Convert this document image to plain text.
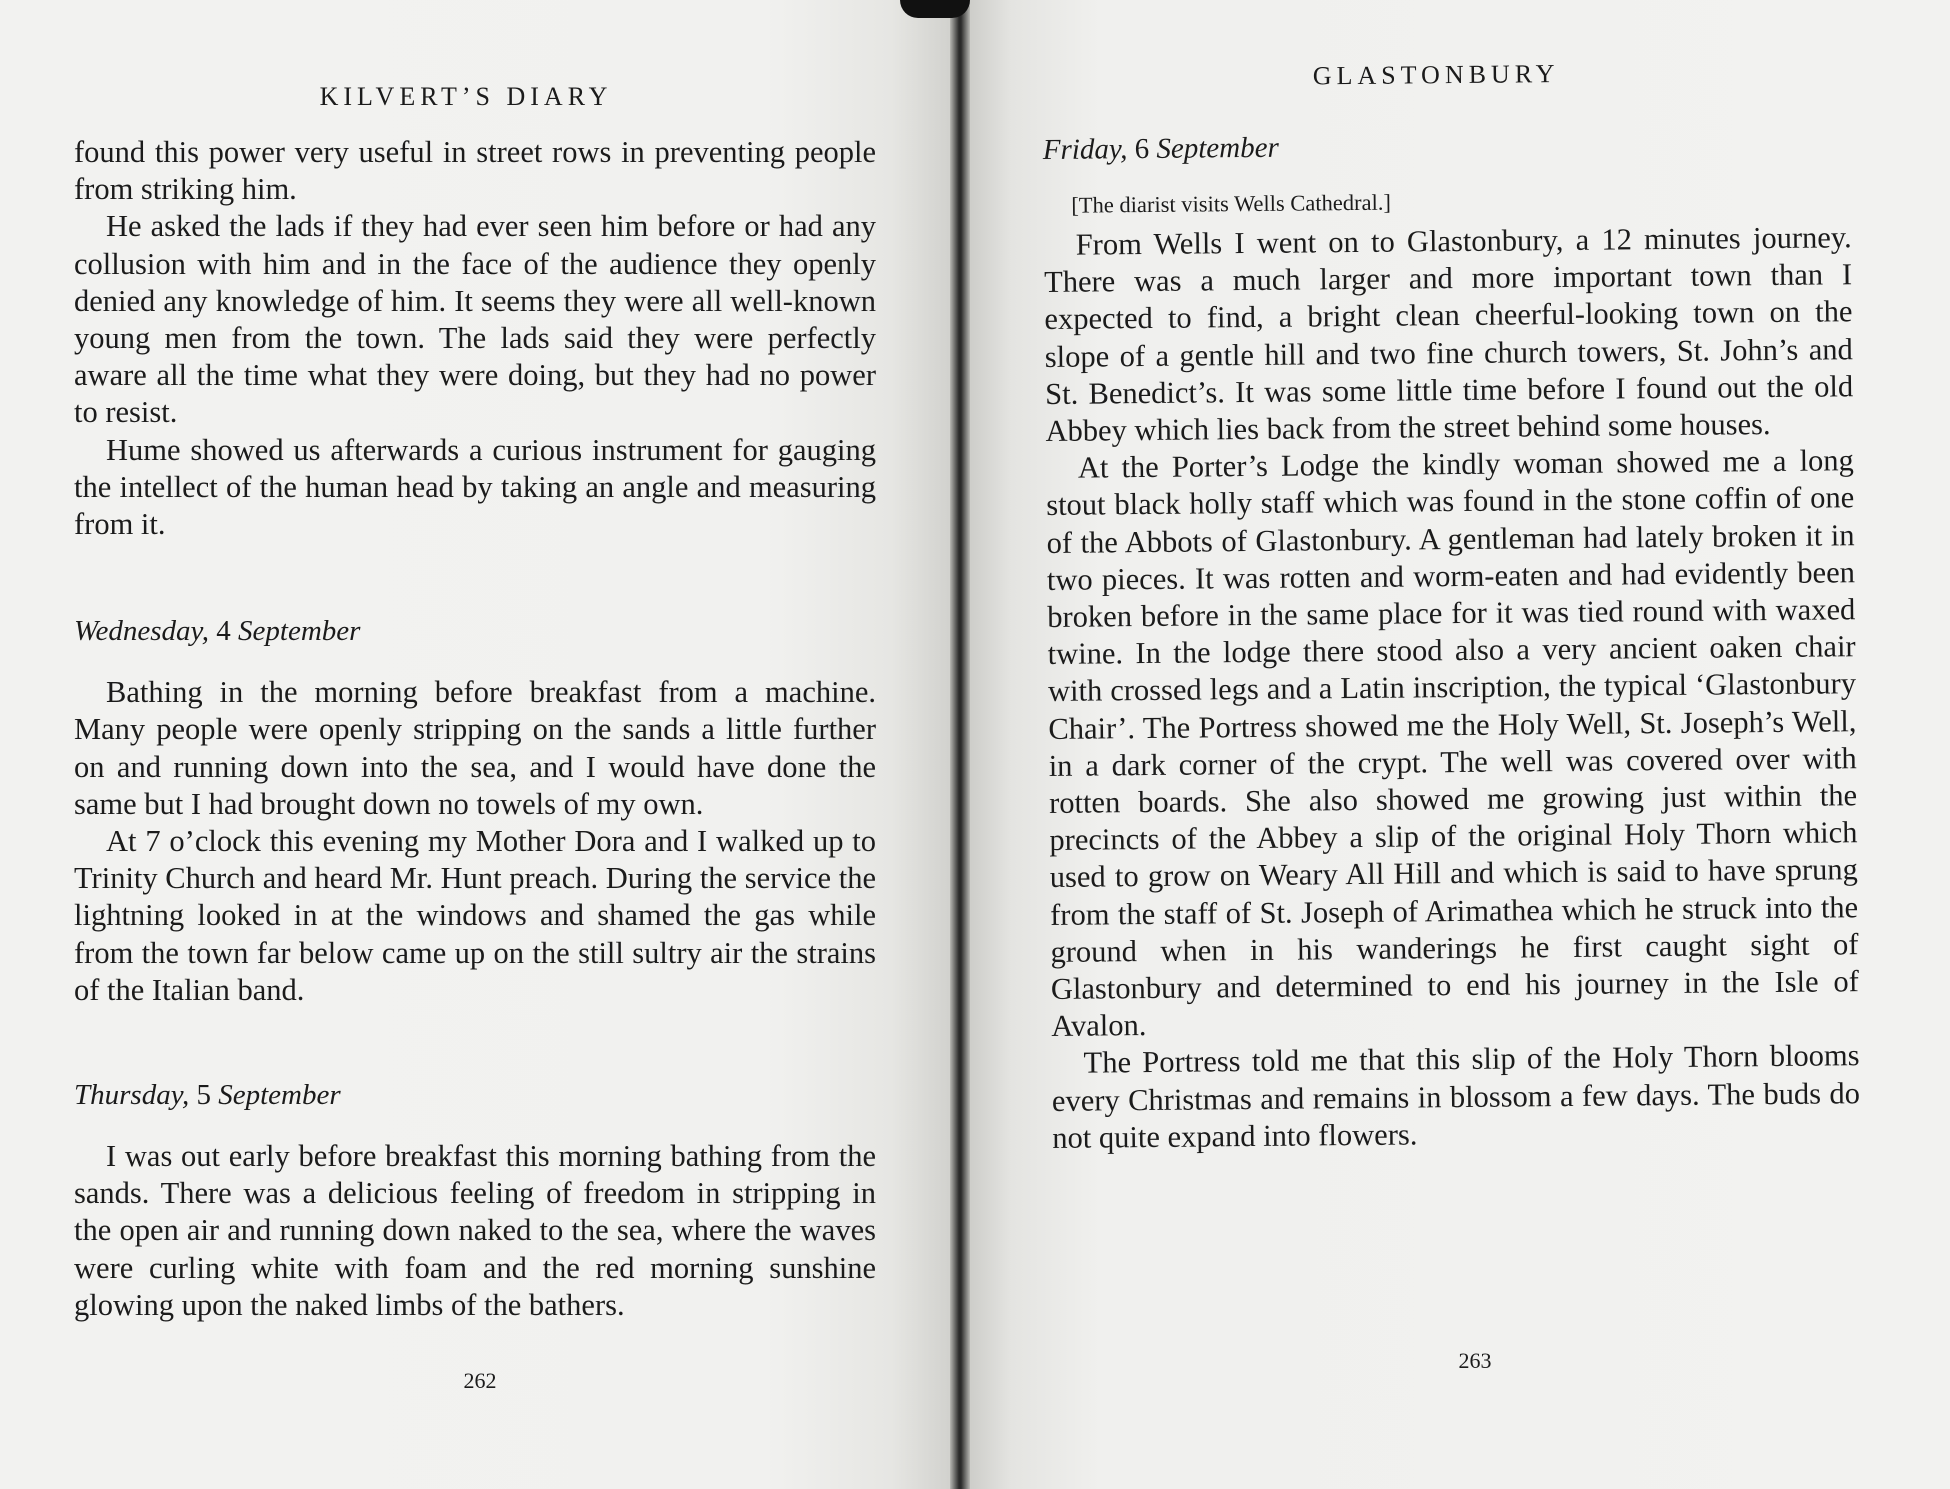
KILVERT’S DIARY

found this power very useful in street rows in preventing people from striking him.

He asked the lads if they had ever seen him before or had any collusion with him and in the face of the audience they openly denied any knowledge of him. It seems they were all well-known young men from the town. The lads said they were perfectly aware all the time what they were doing, but they had no power to resist.

Hume showed us afterwards a curious instrument for gauging the intellect of the human head by taking an angle and measuring from it.

Wednesday, 4 September

Bathing in the morning before breakfast from a machine. Many people were openly stripping on the sands a little further on and running down into the sea, and I would have done the same but I had brought down no towels of my own.

At 7 o’clock this evening my Mother Dora and I walked up to Trinity Church and heard Mr. Hunt preach. During the service the lightning looked in at the windows and shamed the gas while from the town far below came up on the still sultry air the strains of the Italian band.

Thursday, 5 September

I was out early before breakfast this morning bathing from the sands. There was a delicious feeling of freedom in stripping in the open air and running down naked to the sea, where the waves were curling white with foam and the red morning sunshine glowing upon the naked limbs of the bathers.

262
GLASTONBURY
Friday, 6 September
[The diarist visits Wells Cathedral.]

From Wells I went on to Glastonbury, a 12 minutes journey. There was a much larger and more important town than I expected to find, a bright clean cheerful-looking town on the slope of a gentle hill and two fine church towers, St. John’s and St. Benedict’s. It was some little time before I found out the old Abbey which lies back from the street behind some houses.

At the Porter’s Lodge the kindly woman showed me a long stout black holly staff which was found in the stone coffin of one of the Abbots of Glastonbury. A gentleman had lately broken it in two pieces. It was rotten and worm-eaten and had evidently been broken before in the same place for it was tied round with waxed twine. In the lodge there stood also a very ancient oaken chair with crossed legs and a Latin inscription, the typical ‘Glastonbury Chair’. The Portress showed me the Holy Well, St. Joseph’s Well, in a dark corner of the crypt. The well was covered over with rotten boards. She also showed me growing just within the precincts of the Abbey a slip of the original Holy Thorn which used to grow on Weary All Hill and which is said to have sprung from the staff of St. Joseph of Arimathea which he struck into the ground when in his wanderings he first caught sight of Glastonbury and determined to end his journey in the Isle of Avalon.

The Portress told me that this slip of the Holy Thorn blooms every Christmas and remains in blossom a few days. The buds do not quite expand into flowers.

263
